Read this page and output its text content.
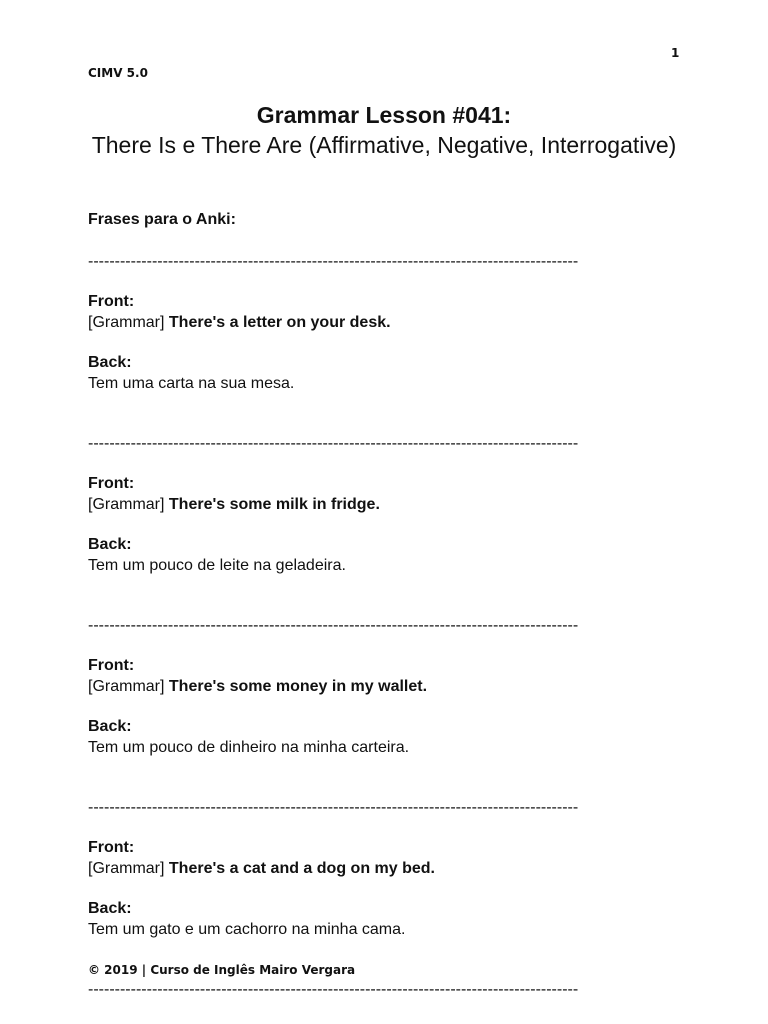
1
CIMV 5.0
Grammar Lesson #041:
There Is e There Are (Affirmative, Negative, Interrogative)
Frases para o Anki:
--------------------------------------------------------------------------------------------
Front:
[Grammar] There's a letter on your desk.
Back:
Tem uma carta na sua mesa.
--------------------------------------------------------------------------------------------
Front:
[Grammar] There's some milk in fridge.
Back:
Tem um pouco de leite na geladeira.
--------------------------------------------------------------------------------------------
Front:
[Grammar] There's some money in my wallet.
Back:
Tem um pouco de dinheiro na minha carteira.
--------------------------------------------------------------------------------------------
Front:
[Grammar] There's a cat and a dog on my bed.
Back:
Tem um gato e um cachorro na minha cama.
--------------------------------------------------------------------------------------------
© 2019 | Curso de Inglês Mairo Vergara
